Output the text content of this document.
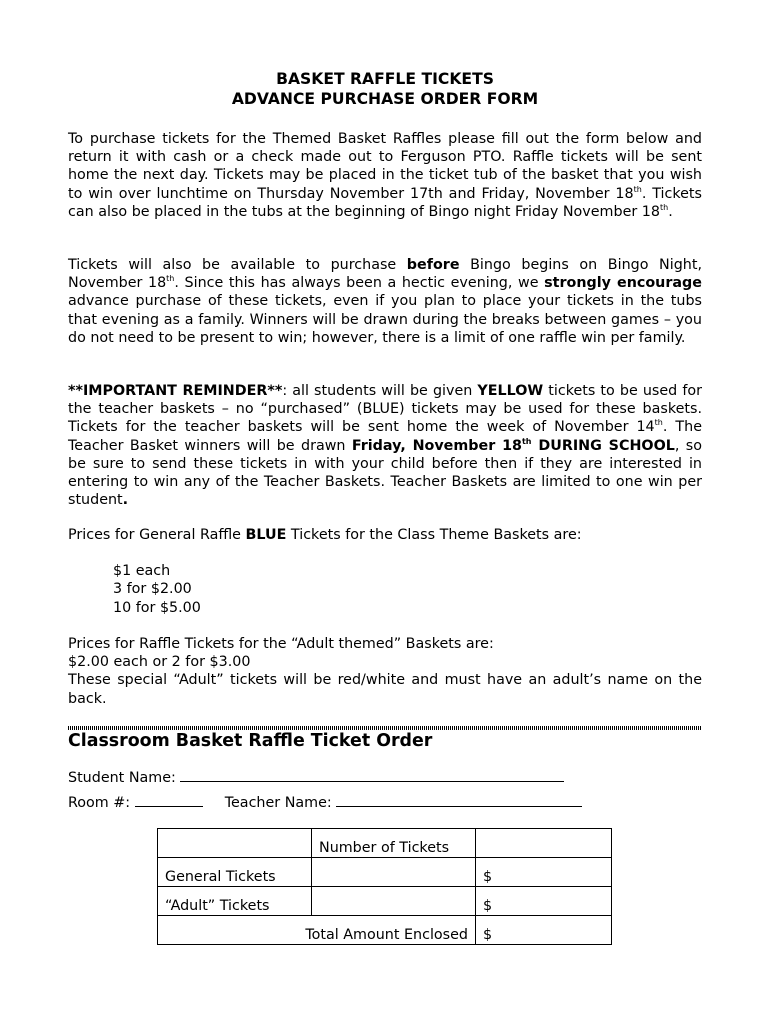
BASKET RAFFLE TICKETS
ADVANCE PURCHASE ORDER FORM

To purchase tickets for the Themed Basket Raffles please fill out the form below and return it with cash or a check made out to Ferguson PTO. Raffle tickets will be sent home the next day. Tickets may be placed in the ticket tub of the basket that you wish to win over lunchtime on Thursday November 17th and Friday, November 18th. Tickets can also be placed in the tubs at the beginning of Bingo night Friday November 18th.

Tickets will also be available to purchase before Bingo begins on Bingo Night, November 18th. Since this has always been a hectic evening, we strongly encourage advance purchase of these tickets, even if you plan to place your tickets in the tubs that evening as a family. Winners will be drawn during the breaks between games – you do not need to be present to win; however, there is a limit of one raffle win per family.

**IMPORTANT REMINDER**: all students will be given YELLOW tickets to be used for the teacher baskets – no “purchased” (BLUE) tickets may be used for these baskets. Tickets for the teacher baskets will be sent home the week of November 14th. The Teacher Basket winners will be drawn Friday, November 18th DURING SCHOOL, so be sure to send these tickets in with your child before then if they are interested in entering to win any of the Teacher Baskets. Teacher Baskets are limited to one win per student.

Prices for General Raffle BLUE Tickets for the Class Theme Baskets are:

$1 each
3 for $2.00
10 for $5.00
Prices for Raffle Tickets for the “Adult themed” Baskets are:
$2.00 each or 2 for $3.00
These special “Adult” tickets will be red/white and must have an adult’s name on the back.
Classroom Basket Raffle Ticket Order
Student Name:
Room #:	Teacher Name:
	Number of Tickets	
General Tickets		$
“Adult” Tickets		$
Total Amount Enclosed		$
